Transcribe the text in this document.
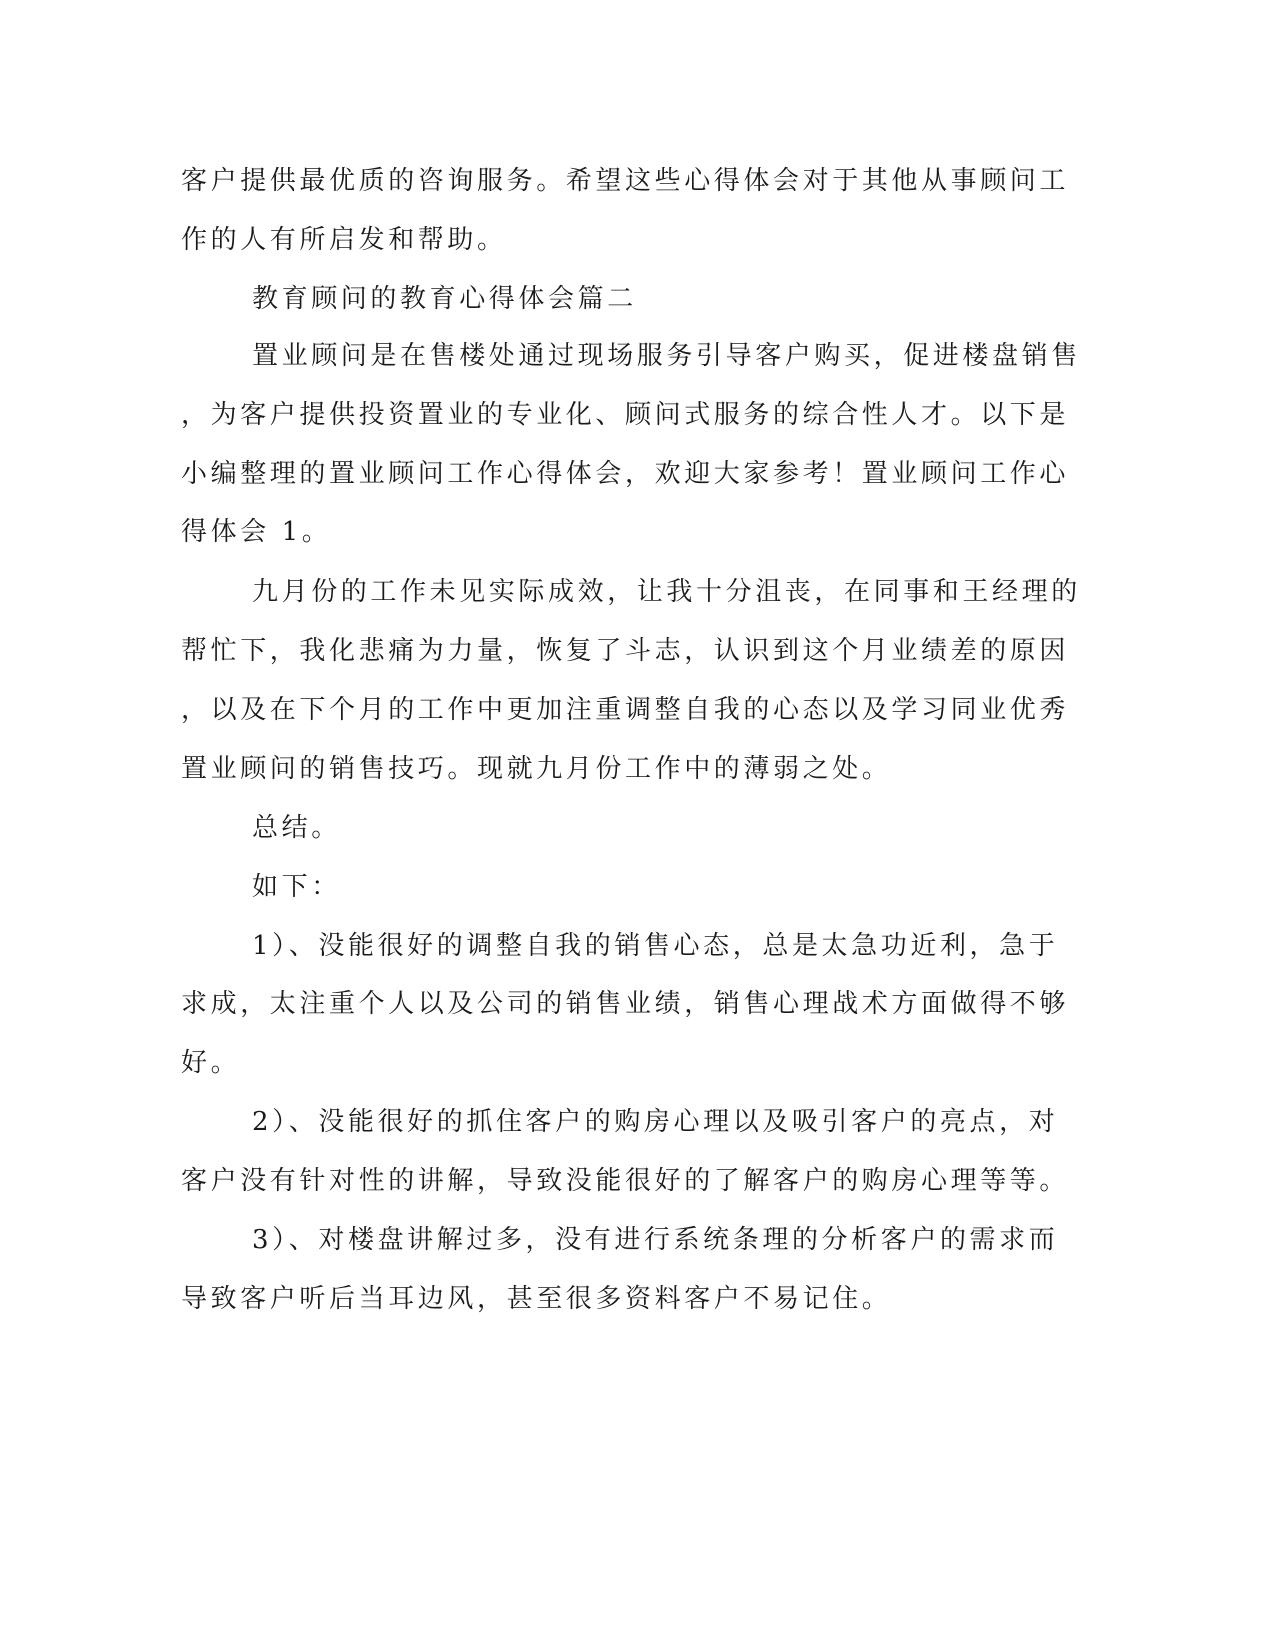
客户提供最优质的咨询服务。希望这些心得体会对于其他从事顾问工
作的人有所启发和帮助。
教育顾问的教育心得体会篇二
置业顾问是在售楼处通过现场服务引导客户购买，促进楼盘销售
，为客户提供投资置业的专业化、顾问式服务的综合性人才。以下是
小编整理的置业顾问工作心得体会，欢迎大家参考！置业顾问工作心
得体会 1。
九月份的工作未见实际成效，让我十分沮丧，在同事和王经理的
帮忙下，我化悲痛为力量，恢复了斗志，认识到这个月业绩差的原因
，以及在下个月的工作中更加注重调整自我的心态以及学习同业优秀
置业顾问的销售技巧。现就九月份工作中的薄弱之处。
总结。
如下：
1）、没能很好的调整自我的销售心态，总是太急功近利，急于
求成，太注重个人以及公司的销售业绩，销售心理战术方面做得不够
好。
2）、没能很好的抓住客户的购房心理以及吸引客户的亮点，对
客户没有针对性的讲解，导致没能很好的了解客户的购房心理等等。
3）、对楼盘讲解过多，没有进行系统条理的分析客户的需求而
导致客户听后当耳边风，甚至很多资料客户不易记住。
